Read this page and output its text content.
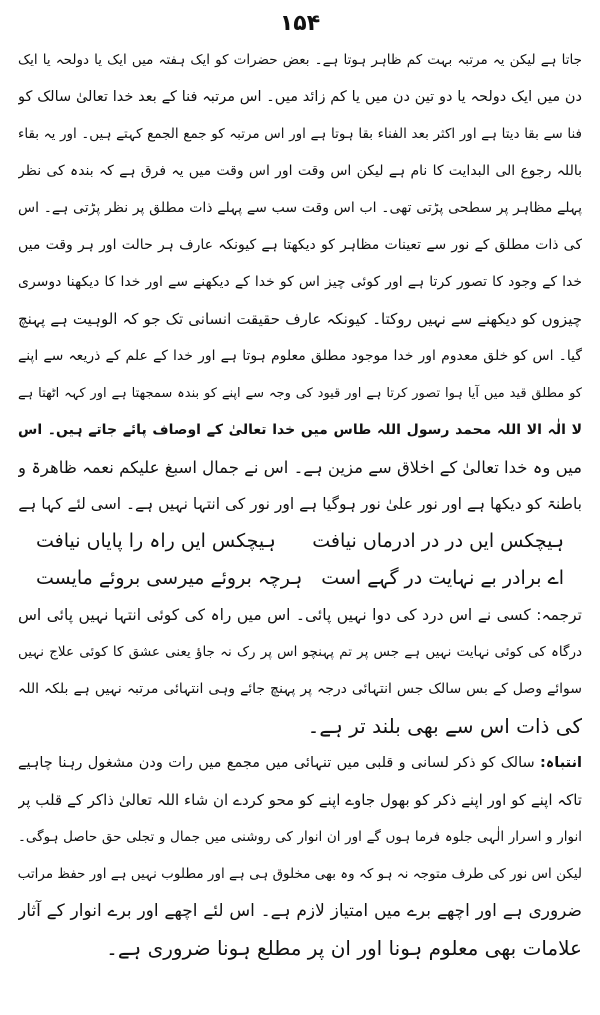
۱۵۴
جاتا ہے لیکن یہ مرتبہ بہت کم ظاہر ہوتا ہے۔ بعض حضرات کو ایک ہفتہ میں ایک یا دولحہ یا ایک
دن میں ایک دولحہ یا دو تین دن میں یا کم زائد میں۔ اس مرتبہ فنا کے بعد خدا تعالیٰ سالک کو
فنا سے بقا دیتا ہے اور اکثر بعد الفناء بقا ہوتا ہے اور اس مرتبہ کو جمع الجمع کہتے ہیں۔ اور یہ بقاء
باللہ رجوع الی البدایت کا نام ہے لیکن اس وقت اور اس وقت میں یہ فرق ہے کہ بندہ کی نظر
پہلے مظاہر پر سطحی پڑتی تھی۔ اب اس وقت سب سے پہلے ذات مطلق پر نظر پڑتی ہے۔ اس
کی ذات مطلق کے نور سے تعینات مظاہر کو دیکھتا ہے کیونکہ عارف ہر حالت اور ہر وقت میں
خدا کے وجود کا تصور کرتا ہے اور کوئی چیز اس کو خدا کے دیکھنے سے اور خدا کا دیکھنا دوسری
چیزوں کو دیکھنے سے نہیں روکتا۔ کیونکہ عارف حقیقت انسانی تک جو کہ الوہیت ہے پہنچ
گیا۔ اس کو خلق معدوم اور خدا موجود مطلق معلوم ہوتا ہے اور خدا کے علم کے ذریعہ سے اپنے
کو مطلق قید میں آیا ہوا تصور کرتا ہے اور قیود کی وجہ سے اپنے کو بندہ سمجھتا ہے اور کہہ اٹھتا ہے
لا الٰہ الا اللہ محمد رسول اللہ طاس میں خدا تعالیٰ کے اوصاف پائے جاتے ہیں۔ اس
میں وہ خدا تعالیٰ کے اخلاق سے مزین ہے۔ اس نے جمال اسبغ علیکم نعمہ ظاھرۃ و
باطنۃ کو دیکھا ہے اور نور علیٰ نور ہوگیا ہے اور نور کی انتہا نہیں ہے۔ اسی لئے کہا ہے
ہیچکس ایں در در ادرماں نیافت
ہیچکس ایں راہ را پایاں نیافت
اے برادر بے نہایت در گہے است
ہرچہ بروئے میرسی بروئے مایست
ترجمہ: کسی نے اس درد کی دوا نہیں پائی۔ اس میں راہ کی کوئی انتہا نہیں پائی اس
درگاہ کی کوئی نہایت نہیں ہے جس پر تم پہنچو اس پر رک نہ جاؤ یعنی عشق کا کوئی علاج نہیں
سوائے وصل کے بس سالک جس انتہائی درجہ پر پہنچ جائے وہی انتہائی مرتبہ نہیں ہے بلکہ اللہ
کی ذات اس سے بھی بلند تر ہے۔
انتباہ: سالک کو ذکر لسانی و قلبی میں تنہائی میں مجمع میں رات ودن مشغول رہنا چاہیے
تاکہ اپنے کو اور اپنے ذکر کو بھول جاوے اپنے کو محو کردے ان شاء اللہ تعالیٰ ذاکر کے قلب پر
انوار و اسرار الٰہی جلوہ فرما ہوں گے اور ان انوار کی روشنی میں جمال و تجلی حق حاصل ہوگی۔
لیکن اس نور کی طرف متوجہ نہ ہو کہ وہ بھی مخلوق ہی ہے اور مطلوب نہیں ہے اور حفظ مراتب
ضروری ہے اور اچھے برے میں امتیاز لازم ہے۔ اس لئے اچھے اور برے انوار کے آثار
علامات بھی معلوم ہونا اور ان پر مطلع ہونا ضروری ہے۔
